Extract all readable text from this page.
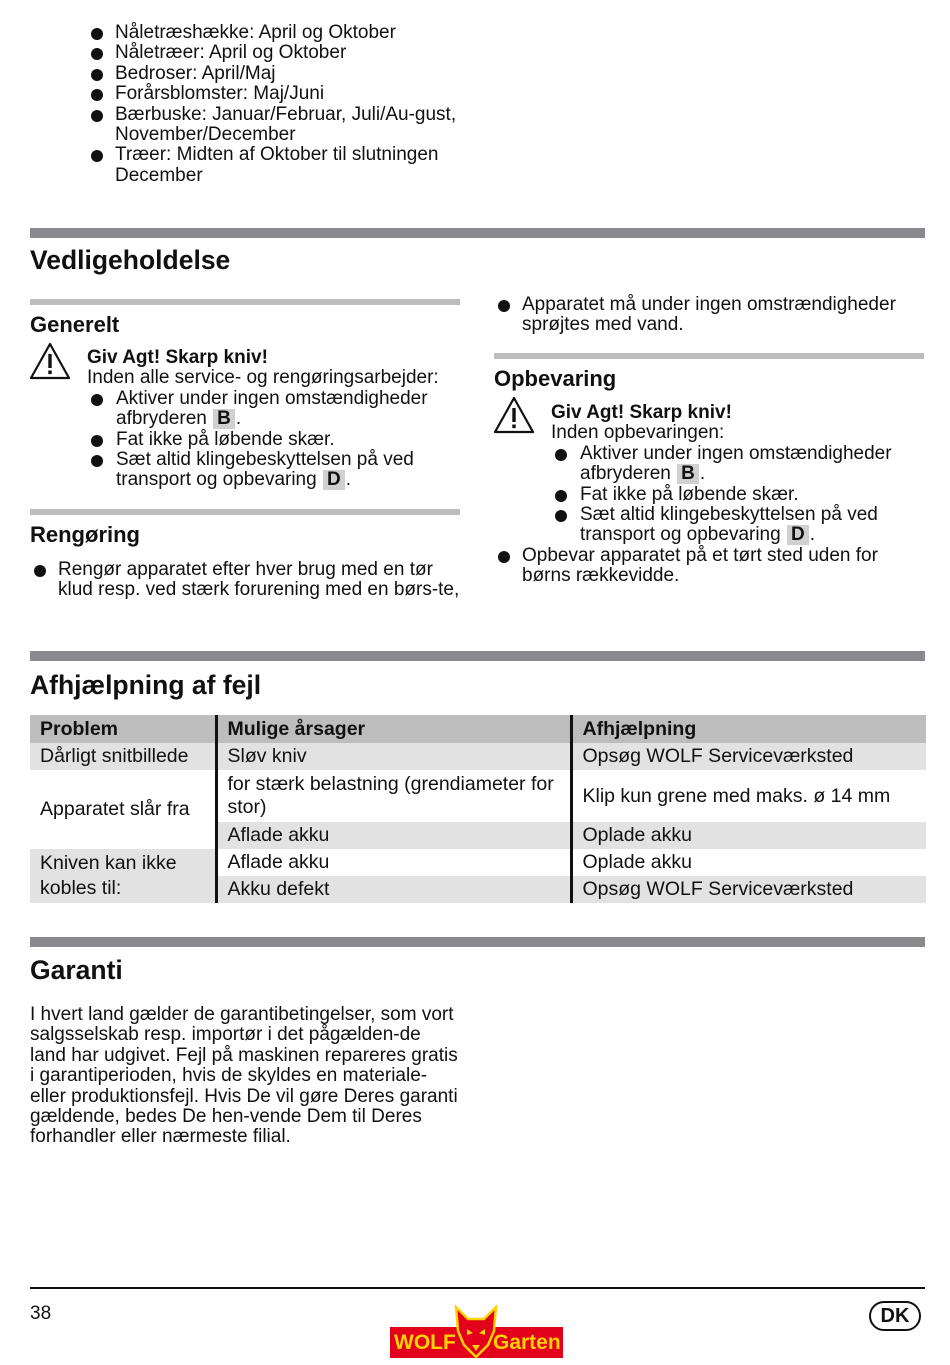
Nåletræshække: April og Oktober
Nåletræer: April og Oktober
Bedroser: April/Maj
Forårsblomster: Maj/Juni
Bærbuske: Januar/Februar, Juli/Au-gust, November/December
Træer: Midten af Oktober til slutningen December
Vedligeholdelse
Generelt
Giv Agt! Skarp kniv!
Inden alle service- og rengøringsarbejder:
Aktiver under ingen omstændigheder afbryderen B .
Fat ikke på løbende skær.
Sæt altid klingebeskyttelsen på ved transport og opbevaring D .
Rengøring
Rengør apparatet efter hver brug med en tør klud resp. ved stærk forurening med en børs-te,
Apparatet må under ingen omstrændigheder sprøjtes med vand.
Opbevaring
Giv Agt! Skarp kniv!
Inden opbevaringen:
Aktiver under ingen omstændigheder afbryderen B .
Fat ikke på løbende skær.
Sæt altid klingebeskyttelsen på ved transport og opbevaring D .
Opbevar apparatet på et tørt sted uden for børns rækkevidde.
Afhjælpning af fejl
Problem	Mulige årsager	Afhjælpning
Dårligt snitbillede	Sløv kniv	Opsøg WOLF Serviceværksted
Apparatet slår fra	for stærk belastning (grendiameter for stor)	Klip kun grene med maks. ø 14 mm
	Aflade akku	Oplade akku
Kniven kan ikke kobles til:	Aflade akku	Oplade akku
	Akku defekt	Opsøg WOLF Serviceværksted
Garanti

I hvert land gælder de garantibetingelser, som vort salgsselskab resp. importør i det pågælden-de land har udgivet. Fejl på maskinen repareres gratis i garantiperioden, hvis de skyldes en materiale- eller produktionsfejl. Hvis De vil gøre Deres garanti gældende, bedes De hen-vende Dem til Deres forhandler eller nærmeste filial.

38
WOLF Garten
DK
